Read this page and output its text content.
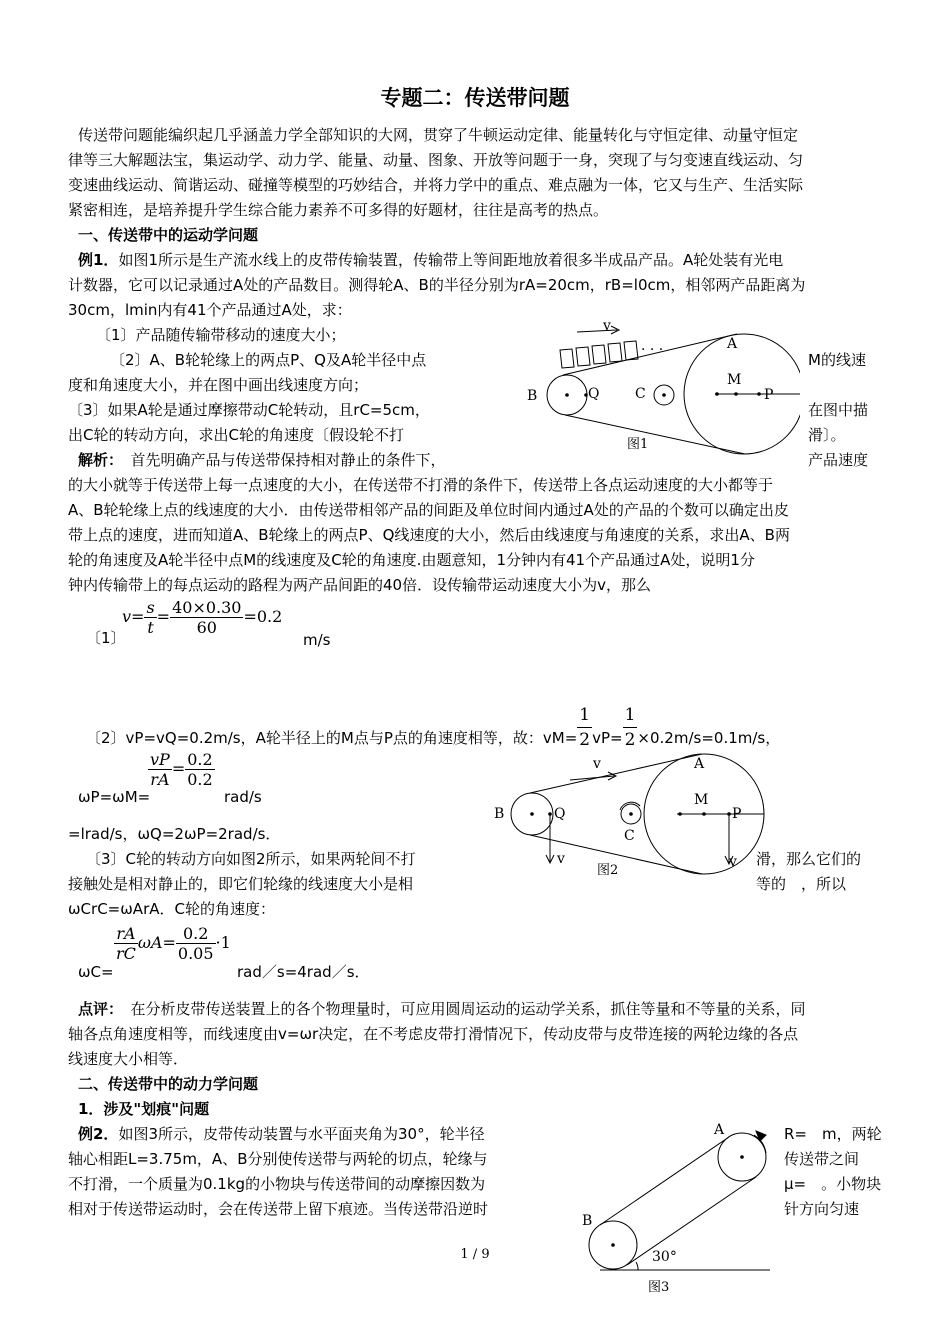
专题二：传送带问题
传送带问题能编织起几乎涵盖力学全部知识的大网，贯穿了牛顿运动定律、能量转化与守恒定律、动量守恒定
律等三大解题法宝，集运动学、动力学、能量、动量、图象、开放等问题于一身，突现了与匀变速直线运动、匀
变速曲线运动、简谐运动、碰撞等模型的巧妙结合，并将力学中的重点、难点融为一体，它又与生产、生活实际
紧密相连，是培养提升学生综合能力素养不可多得的好题材，往往是高考的热点。
一、传送带中的运动学问题
例1．如图1所示是生产流水线上的皮带传输装置，传输带上等间距地放着很多半成品产品。A轮处装有光电
计数器，它可以记录通过A处的产品数目。测得轮A、B的半径分别为rA=20cm，rB=l0cm，相邻两产品距离为
30cm，lmin内有41个产品通过A处，求：
〔1〕产品随传输带移动的速度大小；
〔2〕A、B轮轮缘上的两点P、Q及A轮半径中点	M的线速
度和角速度大小，并在图中画出线速度方向；
〔3〕如果A轮是通过摩擦带动C轮转动，且rC=5cm，	在图中描
出C轮的转动方向，求出C轮的角速度〔假设轮不打	滑〕。
v
· · ·	A
B	C
M
P
Q
图1
解析：　 首先明确产品与传送带保持相对静止的条件下，	产品速度
的大小就等于传送带上每一点速度的大小，在传送带不打滑的条件下，传送带上各点运动速度的大小都等于
A、B轮轮缘上点的线速度的大小．由传送带相邻产品的间距及单位时间内通过A处的产品的个数可以确定出皮
带上点的速度，进而知道A、B轮缘上的两点P、Q线速度的大小，然后由线速度与角速度的关系，求出A、B两
轮的角速度及A轮半径中点M的线速度及C轮的角速度.由题意知，1分钟内有41个产品通过A处，说明1分
钟内传输带上的每点运动的路程为两产品间距的40倍．设传输带运动速度大小为v，那么
〔1〕
$v= \frac{s}{t} = \frac{40\times 0.30}{60} =0.2$
m/s
〔2〕vP=vQ=0.2m/s，A轮半径上的M点与P点的角速度相等，故：$vM= \frac{1}{2} vP= \frac{1}{2} \times 0.2m/s=0.1m/s$，
ωP=ωM=
$\frac{vP}{rA} = \frac{0.2}{0.2}$
rad/s
=lrad/s，ωQ=2ωP=2rad/s．
v	A
B
C
M
P
Q
v	v
图2
〔3〕C轮的转动方向如图2所示，如果两轮间不打	滑，那么它们的
接触处是相对静止的，即它们轮缘的线速度大小是相	等的　，所以
ωCrC=ωArA．C轮的角速度：
ωC=
$\frac{rA}{rC} \omega A= \frac{0.2}{0.05} \cdot 1$
rad／s=4rad／s．
点评：　 在分析皮带传送装置上的各个物理量时，可应用圆周运动的运动学关系，抓住等量和不等量的关系，同
轴各点角速度相等，而线速度由v=ωr决定，在不考虑皮带打滑情况下，传动皮带与皮带连接的两轮边缘的各点
线速度大小相等．
二、传送带中的动力学问题
1．涉及"划痕"问题
例2．如图3所示，皮带传动装置与水平面夹角为30°，轮半径	R=　m，两轮
轴心相距L=3.75m，A、B分别使传送带与两轮的切点，轮缘与	传送带之间
不打滑，一个质量为0.1kg的小物块与传送带间的动摩擦因数为	μ=　。小物块
相对于传送带运动时，会在传送带上留下痕迹。当传送带沿逆时	针方向匀速
A
B
30°
图3
1 / 9
